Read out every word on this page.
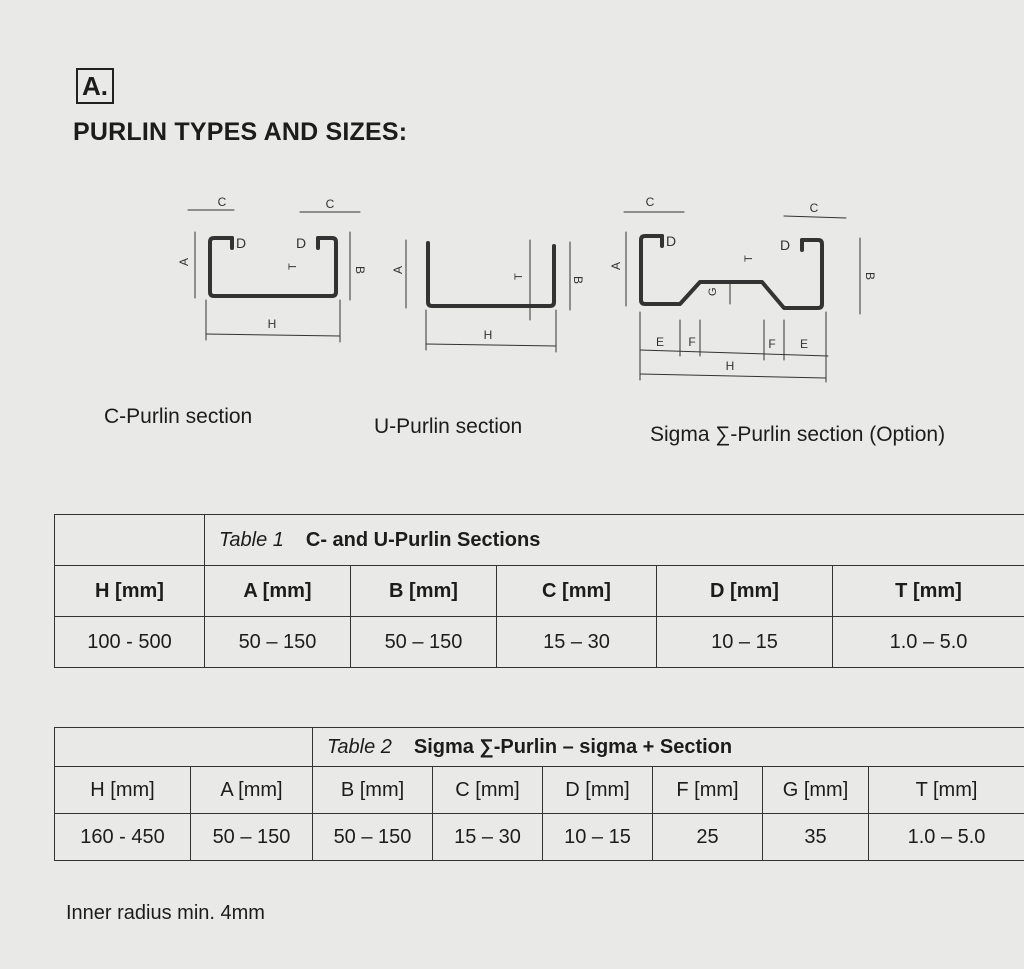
A.
PURLIN TYPES AND SIZES:
C	C
D	D
A
B
T
H
A
B
T
H
C	C
D	D
A
B
T
G
E F	F E
H
C-Purlin section	U-Purlin section	Sigma ∑-Purlin section (Option)
	Table 1 C- and U-Purlin Sections				
H [mm]	A [mm]	B [mm]	C [mm]	D [mm]	T [mm]
100 - 500	50 – 150	50 – 150	15 – 30	10 – 15	1.0 – 5.0
		Table 2 Sigma ∑-Purlin – sigma + Section					
H [mm]	A [mm]	B [mm]	C [mm]	D [mm]	F [mm]	G [mm]	T [mm]
160 - 450	50 – 150	50 – 150	15 – 30	10 – 15	25	35	1.0 – 5.0
Inner radius min. 4mm
